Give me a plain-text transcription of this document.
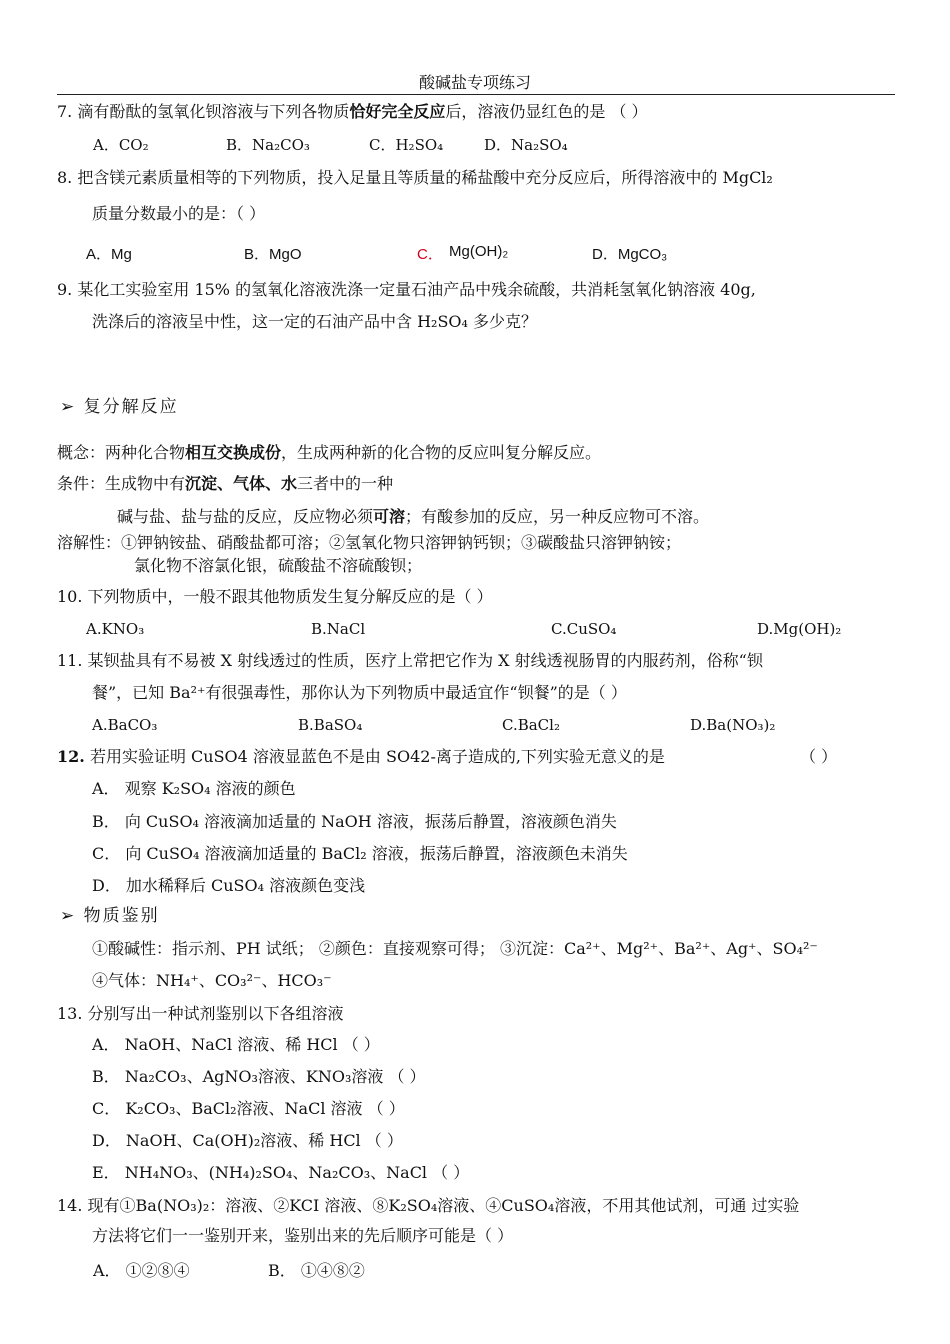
酸碱盐专项练习
7. 滴有酚酞的氢氧化钡溶液与下列各物质恰好完全反应后，溶液仍显红色的是 （ ）
A．CO₂	B．Na₂CO₃	C．H₂SO₄	D．Na₂SO₄
8. 把含镁元素质量相等的下列物质，投入足量且等质量的稀盐酸中充分反应后，所得溶液中的 MgCl₂
质量分数最小的是：（ ）
A．Mg	B．MgO	C． Mg(OH)₂	D．MgCO₃
9. 某化工实验室用 15% 的氢氧化溶液洗涤一定量石油产品中残余硫酸，共消耗氢氧化钠溶液 40g,
洗涤后的溶液呈中性，这一定的石油产品中含 H₂SO₄ 多少克？
➢ 复分解反应
概念：两种化合物相互交换成份，生成两种新的化合物的反应叫复分解反应。
条件：生成物中有沉淀、气体、水三者中的一种
碱与盐、盐与盐的反应，反应物必须可溶；有酸参加的反应，另一种反应物可不溶。
溶解性：①钾钠铵盐、硝酸盐都可溶；②氢氧化物只溶钾钠钙钡；③碳酸盐只溶钾钠铵；
氯化物不溶氯化银，硫酸盐不溶硫酸钡；
10. 下列物质中，一般不跟其他物质发生复分解反应的是（ ）
A.KNO₃	B.NaCl	C.CuSO₄	D.Mg(OH)₂
11. 某钡盐具有不易被 X 射线透过的性质，医疗上常把它作为 X 射线透视肠胃的内服药剂，俗称“钡
餐”，已知 Ba²⁺有很强毒性，那你认为下列物质中最适宜作“钡餐”的是（ ）
A.BaCO₃	B.BaSO₄	C.BaCl₂	D.Ba(NO₃)₂
12. 若用实验证明 CuSO4 溶液显蓝色不是由 SO42-离子造成的,下列实验无意义的是	（ ）
A． 观察 K₂SO₄ 溶液的颜色
B． 向 CuSO₄ 溶液滴加适量的 NaOH 溶液，振荡后静置，溶液颜色消失
C． 向 CuSO₄ 溶液滴加适量的 BaCl₂ 溶液，振荡后静置，溶液颜色未消失
D． 加水稀释后 CuSO₄ 溶液颜色变浅
➢ 物质鉴别
①酸碱性：指示剂、PH 试纸； ②颜色：直接观察可得； ③沉淀：Ca²⁺、Mg²⁺、Ba²⁺、Ag⁺、SO₄²⁻
④气体：NH₄⁺、CO₃²⁻、HCO₃⁻
13. 分别写出一种试剂鉴别以下各组溶液
A． NaOH、NaCl 溶液、稀 HCl （ ）
B． Na₂CO₃、AgNO₃溶液、KNO₃溶液 （ ）
C． K₂CO₃、BaCl₂溶液、NaCl 溶液 （ ）
D． NaOH、Ca(OH)₂溶液、稀 HCl （ ）
E． NH₄NO₃、(NH₄)₂SO₄、Na₂CO₃、NaCl （ ）
14. 现有①Ba(NO₃)₂：溶液、②KCI 溶液、⑧K₂SO₄溶液、④CuSO₄溶液，不用其他试剂，可通 过实验
方法将它们一一鉴别开来，鉴别出来的先后顺序可能是（ ）
A． ①②⑧④	B． ①④⑧②
